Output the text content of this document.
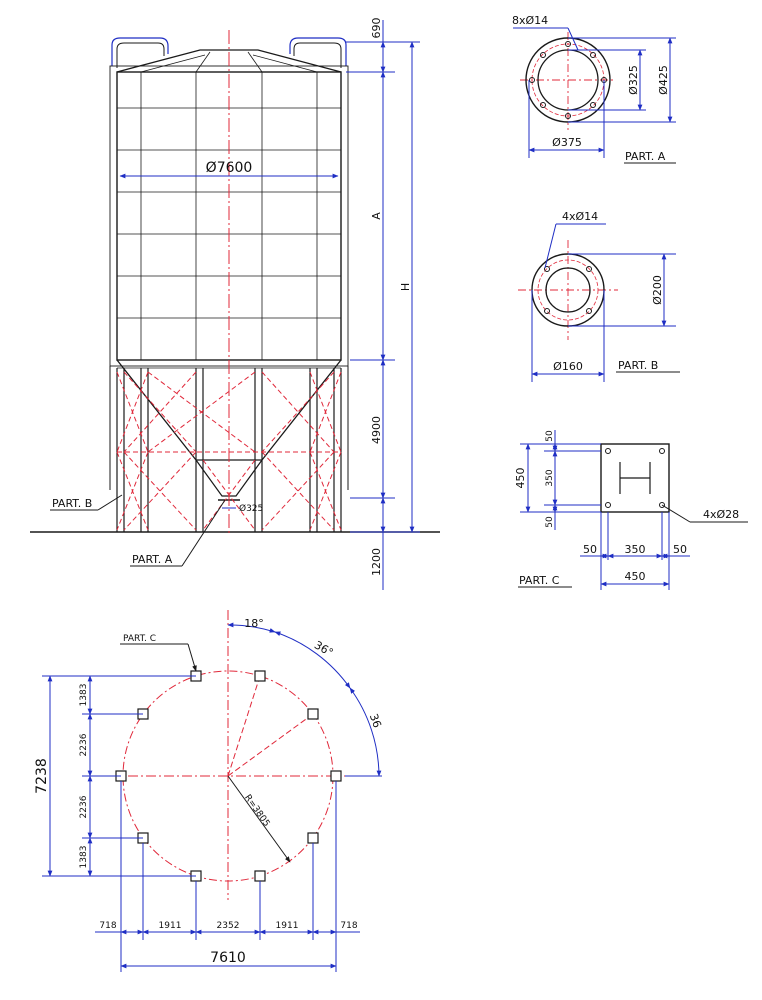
Ø7600
690
A
H
4900
1200
Ø325
PART. B
PART. A
8xØ14
Ø325 Ø425
Ø375
PART. A
4xØ14
Ø200
Ø160	PART. B
4xØ28
450
50
350
50
50	350	50
450
PART. C
R=3805
18°
36°
36
PART. C
7238
1383
2236
2236
1383
718	1911	2352	1911	718
7610
